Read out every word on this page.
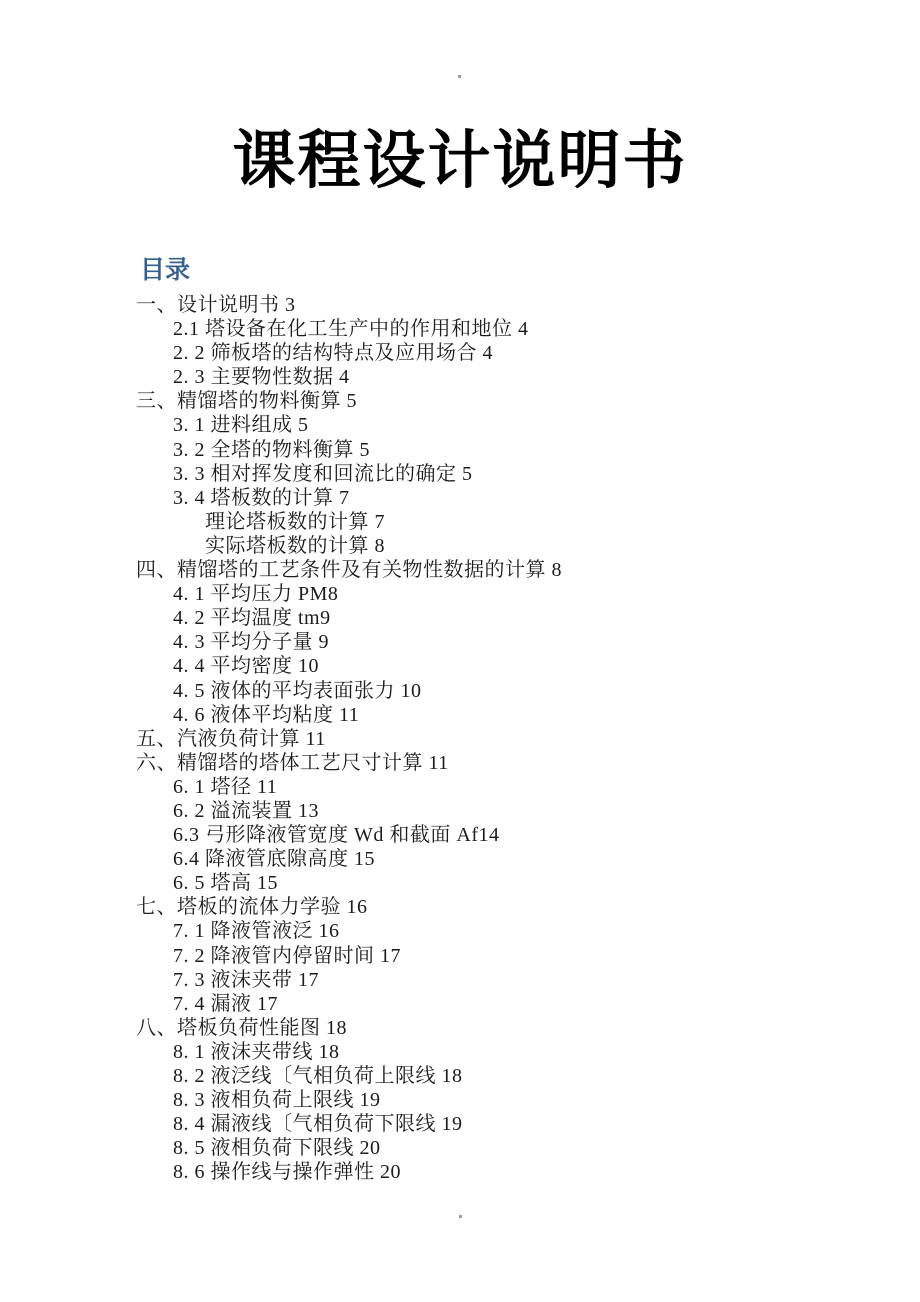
课程设计说明书
目录
一、设计说明书 3
2.1 塔设备在化工生产中的作用和地位 4
2. 2 筛板塔的结构特点及应用场合 4
2. 3 主要物性数据 4
三、精馏塔的物料衡算 5
3. 1 进料组成 5
3. 2 全塔的物料衡算 5
3. 3 相对挥发度和回流比的确定 5
3. 4 塔板数的计算 7
理论塔板数的计算 7
实际塔板数的计算 8
四、精馏塔的工艺条件及有关物性数据的计算 8
4. 1 平均压力 PM8
4. 2 平均温度 tm9
4. 3 平均分子量 9
4. 4 平均密度 10
4. 5 液体的平均表面张力 10
4. 6 液体平均粘度 11
五、汽液负荷计算 11
六、精馏塔的塔体工艺尺寸计算 11
6. 1 塔径 11
6. 2 溢流装置 13
6.3 弓形降液管宽度 Wd 和截面 Af14
6.4 降液管底隙高度 15
6. 5 塔高 15
七、塔板的流体力学验 16
7. 1 降液管液泛 16
7. 2 降液管内停留时间 17
7. 3 液沫夹带 17
7. 4 漏液 17
八、塔板负荷性能图 18
8. 1 液沫夹带线 18
8. 2 液泛线〔气相负荷上限线 18
8. 3 液相负荷上限线 19
8. 4 漏液线〔气相负荷下限线 19
8. 5 液相负荷下限线 20
8. 6 操作线与操作弹性 20
